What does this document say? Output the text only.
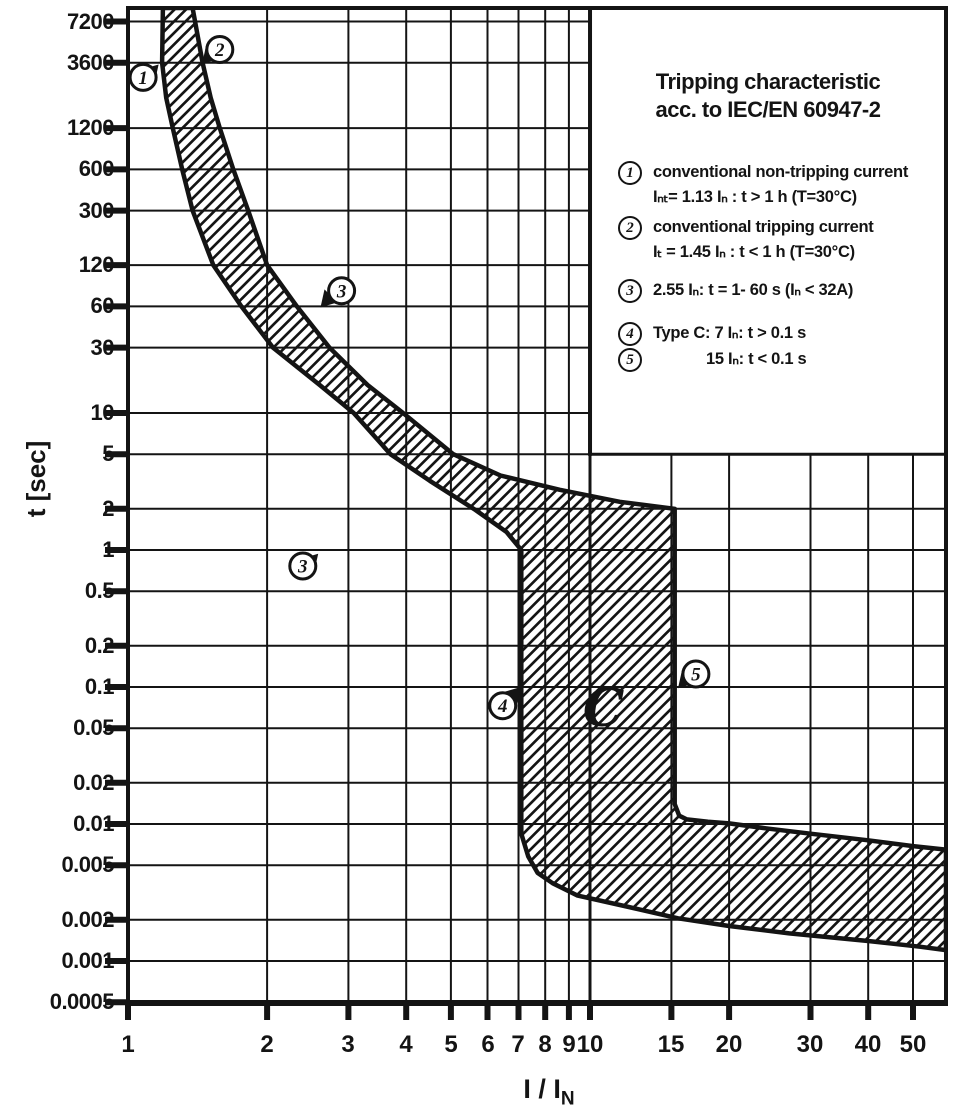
1
2
3
3
4
5
C
7200
3600
1200
600
300
120
60
30
10
5
2
1
0.5
0.2
0.1
0.05
0.02
0.01
0.005
0.002
0.001
0.0005
1	2	3 4 5 6 7 8 9 10 15 20 30 40 50
t [sec]
I / $I_N$
Tripping characteristic
acc. to IEC/EN 60947-2
1	conventional non-tripping current
Iₙₜ= 1.13 Iₙ : t > 1 h (T=30°C)
2	conventional tripping current
Iₜ = 1.45 Iₙ : t < 1 h (T=30°C)
3	2.55 Iₙ: t = 1- 60 s (Iₙ < 32A)
4	Type C: 7 Iₙ: t > 0.1 s
5	15 Iₙ: t < 0.1 s
